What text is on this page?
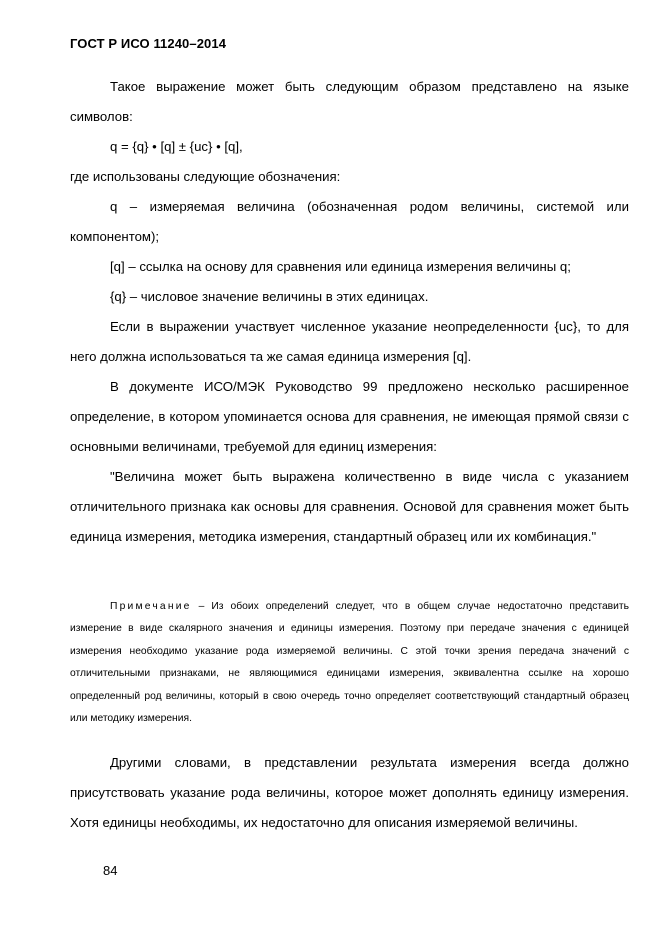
ГОСТ Р ИСО 11240–2014

Такое выражение может быть следующим образом представлено на языке символов:

q = {q} • [q] ± {uc} • [q],

где использованы следующие обозначения:

q – измеряемая величина (обозначенная родом величины, системой или компонентом);

[q] – ссылка на основу для сравнения или единица измерения величины q;

{q} – числовое значение величины в этих единицах.

Если в выражении участвует численное указание неопределенности {uc}, то для него должна использоваться та же самая единица измерения [q].

В документе ИСО/МЭК Руководство 99 предложено несколько расширенное определение, в котором упоминается основа для сравнения, не имеющая прямой связи с основными величинами, требуемой для единиц измерения:

"Величина может быть выражена количественно в виде числа с указанием отличительного признака как основы для сравнения. Основой для сравнения может быть единица измерения, методика измерения, стандартный образец или их комбинация."

Примечание – Из обоих определений следует, что в общем случае недостаточно представить измерение в виде скалярного значения и единицы измерения. Поэтому при передаче значения с единицей измерения необходимо указание рода измеряемой величины. С этой точки зрения передача значений с отличительными признаками, не являющимися единицами измерения, эквивалентна ссылке на хорошо определенный род величины, который в свою очередь точно определяет соответствующий стандартный образец или методику измерения.

Другими словами, в представлении результата измерения всегда должно присутствовать указание рода величины, которое может дополнять единицу измерения. Хотя единицы необходимы, их недостаточно для описания измеряемой величины.

84
